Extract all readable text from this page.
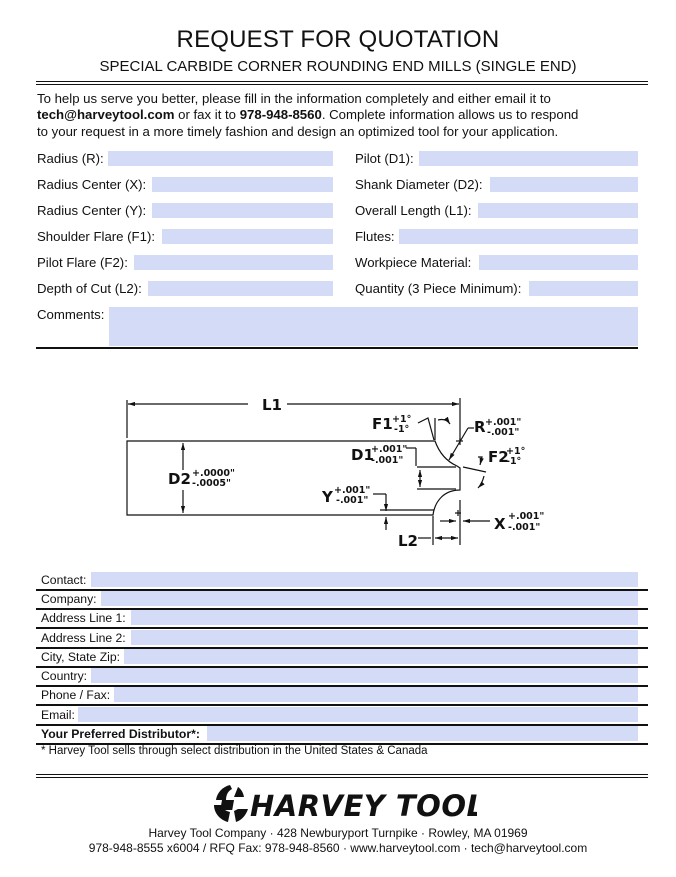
REQUEST FOR QUOTATION
SPECIAL CARBIDE CORNER ROUNDING END MILLS (SINGLE END)
To help us serve you better, please fill in the information completely and either email it to
tech@harveytool.com or fax it to 978-948-8560. Complete information allows us to respond
to your request in a more timely fashion and design an optimized tool for your application.
Radius (R):
Radius Center (X):
Radius Center (Y):
Shoulder Flare (F1):
Pilot Flare (F2):
Depth of Cut (L2):
Pilot (D1):
Shank Diameter (D2):
Overall Length (L1):
Flutes:
Workpiece Material:
Quantity (3 Piece Minimum):
Comments:
L1
L2
D2 +.0000"
-.0005"
D1
+.001"
-.001"
Y +.001"
-.001"
X +.001"
-.001"
R +.001"
-.001"
F1 +1°
-1°
F2
+1°
-1°
Contact:
Company:
Address Line 1:
Address Line 2:
City, State Zip:
Country:
Phone / Fax:
Email:
Your Preferred Distributor*:
* Harvey Tool sells through select distribution in the United States & Canada
HARVEY TOOL
Harvey Tool Company · 428 Newburyport Turnpike · Rowley, MA 01969
978-948-8555 x6004 / RFQ Fax: 978-948-8560 · www.harveytool.com · tech@harveytool.com
